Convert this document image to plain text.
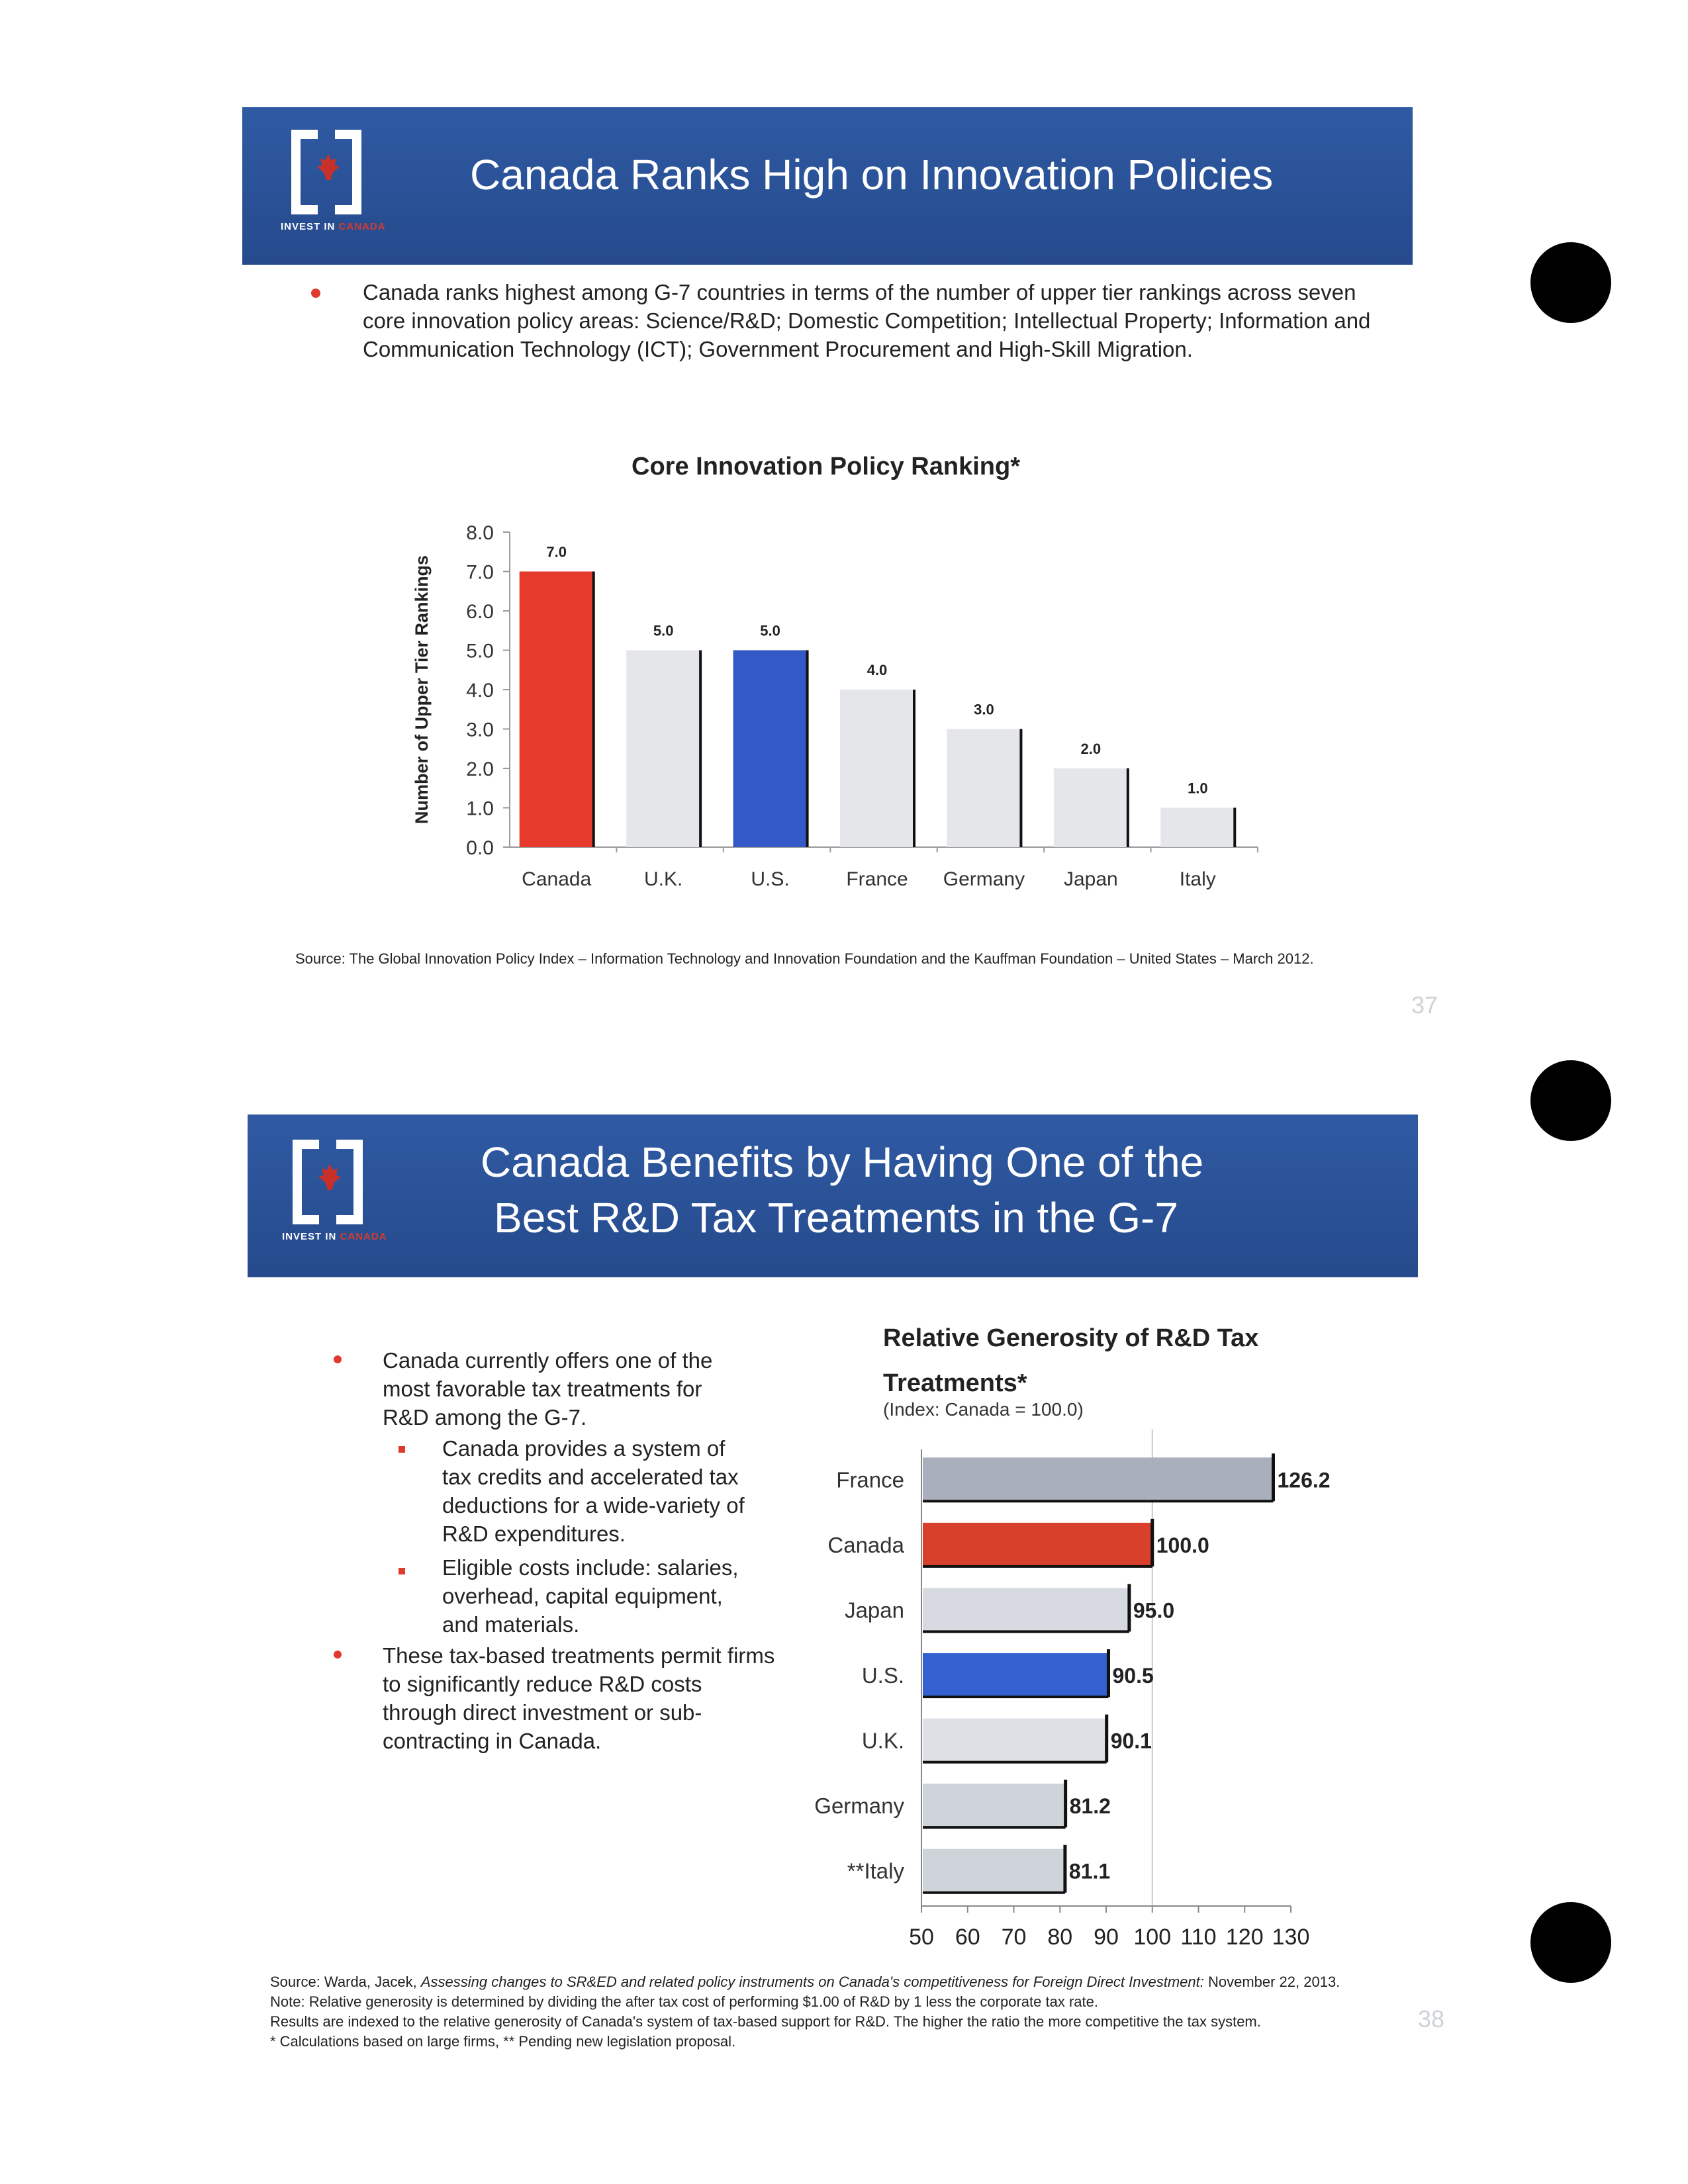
INVEST IN CANADA
Canada Ranks High on Innovation Policies
Canada ranks highest among G-7 countries in terms of the number of upper tier rankings across seven core innovation policy areas: Science/R&D; Domestic Competition; Intellectual Property; Information and Communication Technology (ICT); Government Procurement and High-Skill Migration.
Core Innovation Policy Ranking*
0.0
1.0
2.0
3.0
4.0
5.0
6.0
7.0
8.0
Number of Upper Tier Rankings
7.0
Canada
5.0
U.K.
5.0
U.S.
4.0
France
3.0
Germany
2.0
Japan
1.0
Italy
Source: The Global Innovation Policy Index – Information Technology and Innovation Foundation and the Kauffman Foundation – United States – March 2012.
37
INVEST IN CANADA
Canada Benefits by Having One of the
Best R&D Tax Treatments in the G-7
Canada currently offers one of the most favorable tax treatments for R&D among the G-7.
Canada provides a system of tax credits and accelerated tax deductions for a wide-variety of R&D expenditures.
Eligible costs include: salaries, overhead, capital equipment, and materials.
These tax-based treatments permit firms to significantly reduce R&D costs through direct investment or sub-contracting in Canada.
Relative Generosity of R&D Tax Treatments*
(Index: Canada = 100.0)
50 60 70 80 90 100 110 120 130
126.2
France
100.0
Canada
95.0
Japan
90.5
U.S.
90.1
U.K.
81.2
Germany
81.1
**Italy
Source: Warda, Jacek, Assessing changes to SR&ED and related policy instruments on Canada's competitiveness for Foreign Direct Investment: November 22, 2013.
Note: Relative generosity is determined by dividing the after tax cost of performing $1.00 of R&D by 1 less the corporate tax rate.
Results are indexed to the relative generosity of Canada's system of tax-based support for R&D. The higher the ratio the more competitive the tax system.
* Calculations based on large firms, ** Pending new legislation proposal.
38
